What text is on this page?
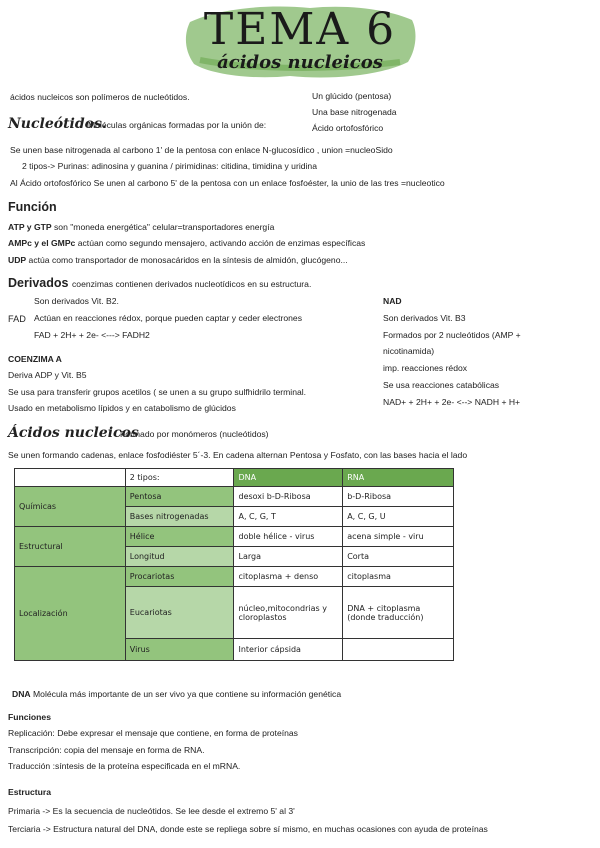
TEMA 6
ácidos nucleicos
ácidos nucleicos son polímeros de nucleótidos.
Nucleótidos.
Moléculas orgánicas formadas por la unión de:
Un glúcido (pentosa)
Una base nitrogenada
Ácido ortofosfórico
Se unen base nitrogenada al carbono 1' de la pentosa con enlace N-glucosídico , union =nucleoSido
2 tipos-> Purinas: adinosina y guanina / pirimidinas: citidina, timidina y uridina
Al Ácido ortofosfórico Se unen al carbono 5' de la pentosa con un enlace fosfoéster, la unio de las tres =nucleotico
Función
ATP y GTP son "moneda energética" celular=transportadores energía
AMPc y el GMPc actúan como segundo mensajero, activando acción de enzimas específicas
UDP actúa como transportador de monosacáridos en la síntesis de almidón, glucógeno...
Derivados coenzimas contienen derivados nucleotídicos en su estructura.
Son derivados Vit. B2.
FAD Actúan en reacciones rédox, porque pueden captar y ceder electrones
FAD + 2H+ + 2e- <---> FADH2
COENZIMA A
Deriva ADP y Vit. B5
Se usa para transferir grupos acetilos ( se unen a su grupo sulfhidrilo terminal.
Usado en metabolismo lípidos y en catabolismo de glúcidos
NAD
Son derivados Vit. B3
Formados por 2 nucleótidos (AMP +
nicotinamida)
imp. reacciones rédox
Se usa reacciones catabólicas
NAD+ + 2H+ + 2e- <--> NADH + H+
Ácidos nucleicos
Formado por monómeros (nucleótidos)
Se unen formando cadenas, enlace fosfodiéster 5´-3. En cadena alternan Pentosa y Fosfato, con las bases hacia el lado
	2 tipos:	DNA	RNA
Químicas	Pentosa	desoxi b-D-Ribosa	b-D-Ribosa
	Bases nitrogenadas	A, C, G, T	A, C, G, U
Estructural	Hélice	doble hélice - virus	acena simple - viru
	Longitud	Larga	Corta
Localización	Procariotas	citoplasma + denso	citoplasma
	Eucariotas	núcleo,mitocondrias y cloroplastos	DNA + citoplasma (donde traducción)
	Virus	Interior cápsida	
DNA Molécula más importante de un ser vivo ya que contiene su información genética
Funciones
Replicación: Debe expresar el mensaje que contiene, en forma de proteínas
Transcripción: copia del mensaje en forma de RNA.
Traducción :síntesis de la proteína especificada en el mRNA.
Estructura
Primaria -> Es la secuencia de nucleótidos. Se lee desde el extremo 5' al 3'
Terciaria -> Estructura natural del DNA, donde este se repliega sobre sí mismo, en muchas ocasiones con ayuda de proteínas
